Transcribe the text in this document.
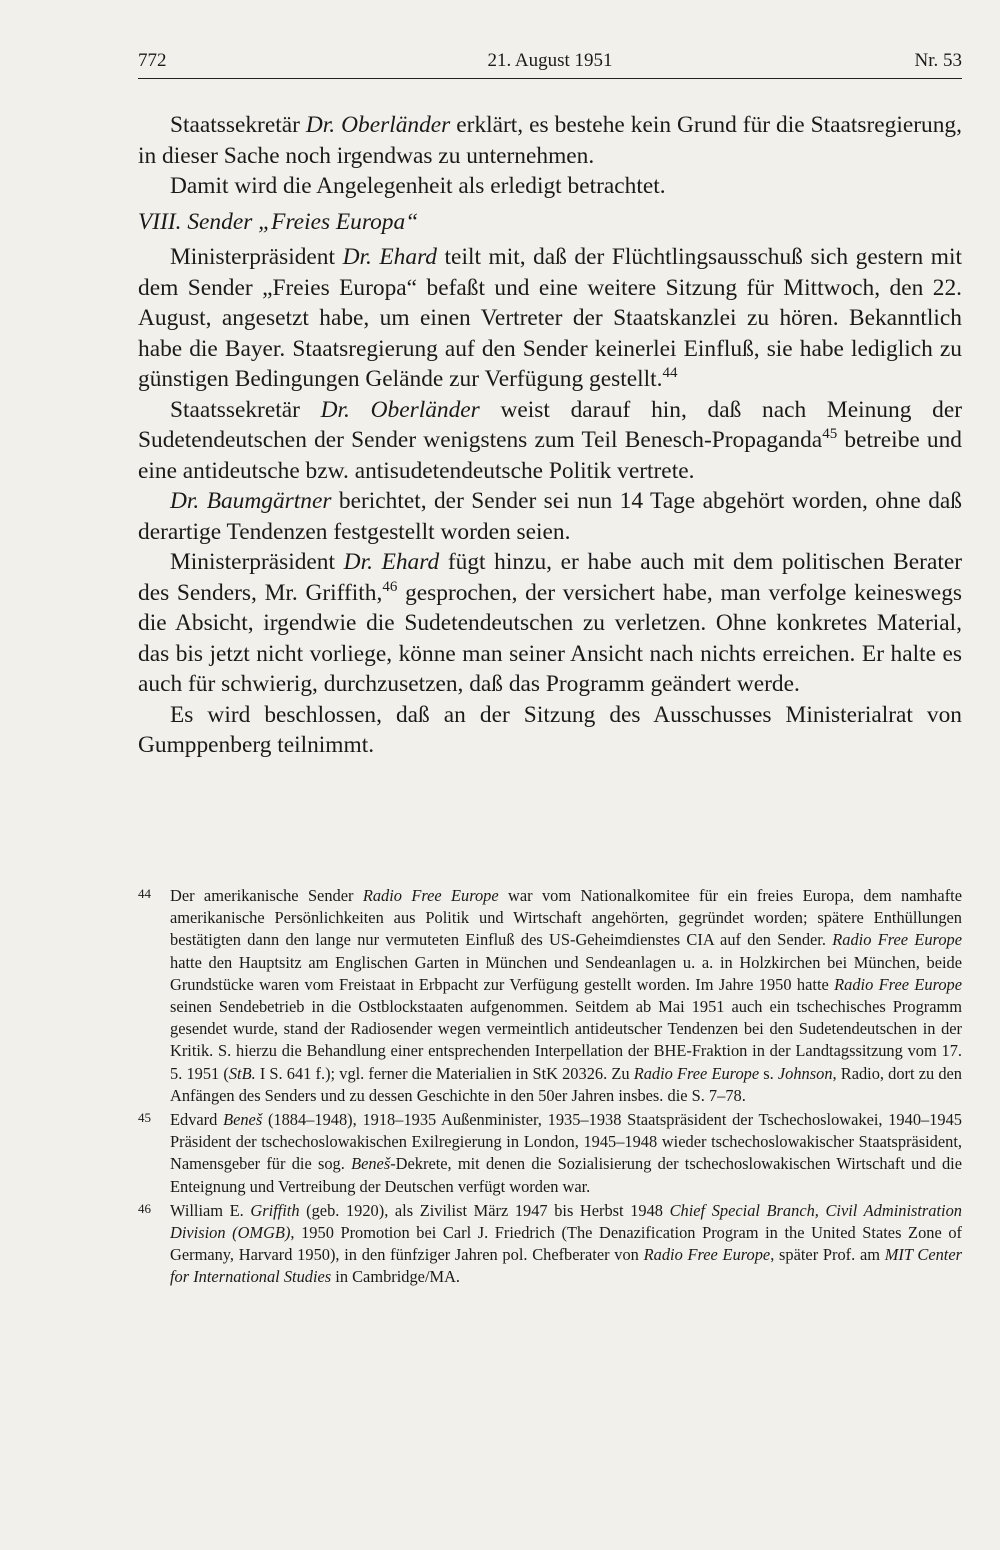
772	21. August 1951	Nr. 53

Staatssekretär Dr. Oberländer erklärt, es bestehe kein Grund für die Staatsregierung, in dieser Sache noch irgendwas zu unternehmen.

Damit wird die Angelegenheit als erledigt betrachtet.

VIII. Sender „Freies Europa“

Ministerpräsident Dr. Ehard teilt mit, daß der Flüchtlingsausschuß sich gestern mit dem Sender „Freies Europa“ befaßt und eine weitere Sitzung für Mittwoch, den 22. August, angesetzt habe, um einen Vertreter der Staatskanzlei zu hören. Bekanntlich habe die Bayer. Staatsregierung auf den Sender keinerlei Einfluß, sie habe lediglich zu günstigen Bedingungen Gelände zur Verfügung gestellt.$^{44}$

Staatssekretär Dr. Oberländer weist darauf hin, daß nach Meinung der Sudetendeutschen der Sender wenigstens zum Teil Benesch-Propaganda$^{45}$ betreibe und eine antideutsche bzw. antisudetendeutsche Politik vertrete.

Dr. Baumgärtner berichtet, der Sender sei nun 14 Tage abgehört worden, ohne daß derartige Tendenzen festgestellt worden seien.

Ministerpräsident Dr. Ehard fügt hinzu, er habe auch mit dem politischen Berater des Senders, Mr. Griffith,$^{46}$ gesprochen, der versichert habe, man verfolge keineswegs die Absicht, irgendwie die Sudetendeutschen zu verletzen. Ohne konkretes Material, das bis jetzt nicht vorliege, könne man seiner Ansicht nach nichts erreichen. Er halte es auch für schwierig, durchzusetzen, daß das Programm geändert werde.

Es wird beschlossen, daß an der Sitzung des Ausschusses Ministerialrat von Gumppenberg teilnimmt.

44 Der amerikanische Sender Radio Free Europe war vom Nationalkomitee für ein freies Europa, dem namhafte amerikanische Persönlichkeiten aus Politik und Wirtschaft angehörten, gegründet worden; spätere Enthüllungen bestätigten dann den lange nur vermuteten Einfluß des US-Geheimdienstes CIA auf den Sender. Radio Free Europe hatte den Hauptsitz am Englischen Garten in München und Sendeanlagen u. a. in Holzkirchen bei München, beide Grundstücke waren vom Freistaat in Erbpacht zur Verfügung gestellt worden. Im Jahre 1950 hatte Radio Free Europe seinen Sendebetrieb in die Ostblockstaaten aufgenommen. Seitdem ab Mai 1951 auch ein tschechisches Programm gesendet wurde, stand der Radiosender wegen vermeintlich antideutscher Tendenzen bei den Sudetendeutschen in der Kritik. S. hierzu die Behandlung einer entsprechenden Interpellation der BHE-Fraktion in der Landtagssitzung vom 17. 5. 1951 (StB. I S. 641 f.); vgl. ferner die Materialien in StK 20326. Zu Radio Free Europe s. Johnson, Radio, dort zu den Anfängen des Senders und zu dessen Geschichte in den 50er Jahren insbes. die S. 7–78.

45 Edvard Beneš (1884–1948), 1918–1935 Außenminister, 1935–1938 Staatspräsident der Tschechoslowakei, 1940–1945 Präsident der tschechoslowakischen Exilregierung in London, 1945–1948 wieder tschechoslowakischer Staatspräsident, Namensgeber für die sog. Beneš-Dekrete, mit denen die Sozialisierung der tschechoslowakischen Wirtschaft und die Enteignung und Vertreibung der Deutschen verfügt worden war.

46 William E. Griffith (geb. 1920), als Zivilist März 1947 bis Herbst 1948 Chief Special Branch, Civil Administration Division (OMGB), 1950 Promotion bei Carl J. Friedrich (The Denazification Program in the United States Zone of Germany, Harvard 1950), in den fünfziger Jahren pol. Chefberater von Radio Free Europe, später Prof. am MIT Center for International Studies in Cambridge/MA.
